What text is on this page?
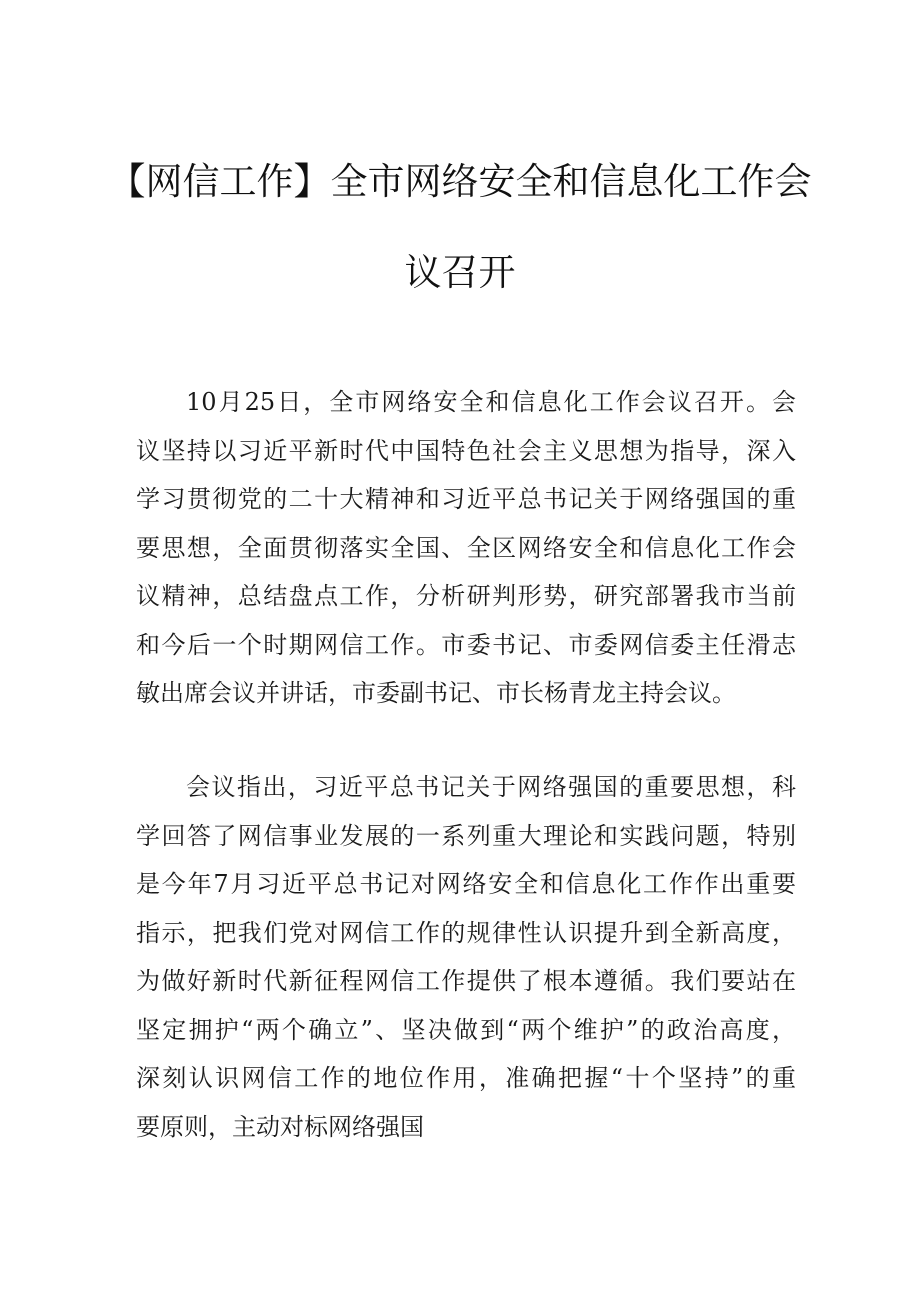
【网信工作】全市网络安全和信息化工作会
议召开
10月25日，全市网络安全和信息化工作会议召开。会
议坚持以习近平新时代中国特色社会主义思想为指导，深入
学习贯彻党的二十大精神和习近平总书记关于网络强国的重
要思想，全面贯彻落实全国、全区网络安全和信息化工作会
议精神，总结盘点工作，分析研判形势，研究部署我市当前
和今后一个时期网信工作。市委书记、市委网信委主任滑志
敏出席会议并讲话，市委副书记、市长杨青龙主持会议。
会议指出，习近平总书记关于网络强国的重要思想，科
学回答了网信事业发展的一系列重大理论和实践问题，特别
是今年7月习近平总书记对网络安全和信息化工作作出重要
指示，把我们党对网信工作的规律性认识提升到全新高度，
为做好新时代新征程网信工作提供了根本遵循。我们要站在
坚定拥护“两个确立”、坚决做到“两个维护”的政治高度，
深刻认识网信工作的地位作用，准确把握“十个坚持”的重
要原则，主动对标网络强国
